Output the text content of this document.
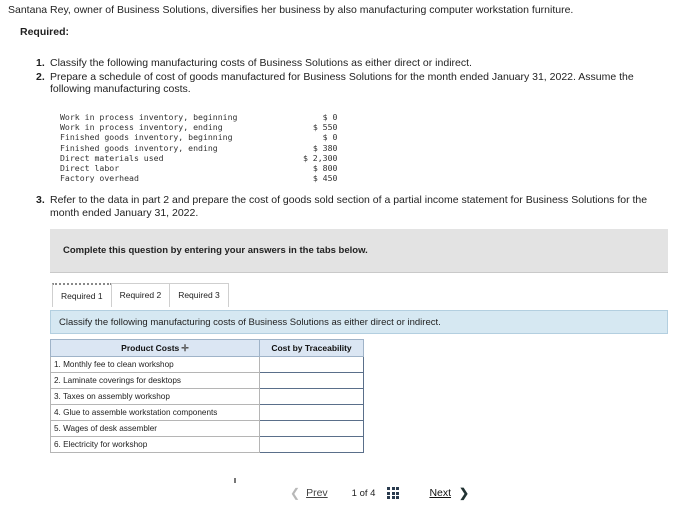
Santana Rey, owner of Business Solutions, diversifies her business by also manufacturing computer workstation furniture.
Required:
1. Classify the following manufacturing costs of Business Solutions as either direct or indirect.
2. Prepare a schedule of cost of goods manufactured for Business Solutions for the month ended January 31, 2022. Assume the following manufacturing costs.
Work in process inventory, beginning	$ 0
Work in process inventory, ending	$ 550
Finished goods inventory, beginning	$ 0
Finished goods inventory, ending	$ 380
Direct materials used	$ 2,300
Direct labor	$ 800
Factory overhead	$ 450
3. Refer to the data in part 2 and prepare the cost of goods sold section of a partial income statement for Business Solutions for the month ended January 31, 2022.
Complete this question by entering your answers in the tabs below.
Required 1	Required 2	Required 3
Classify the following manufacturing costs of Business Solutions as either direct or indirect.
Product Costs ✛	Cost by Traceability
1. Monthly fee to clean workshop	
2. Laminate coverings for desktops	
3. Taxes on assembly workshop	
4. Glue to assemble workstation components	
5. Wages of desk assembler	
6. Electricity for workshop	
❮ Prev	1 of 4	Next ❯
